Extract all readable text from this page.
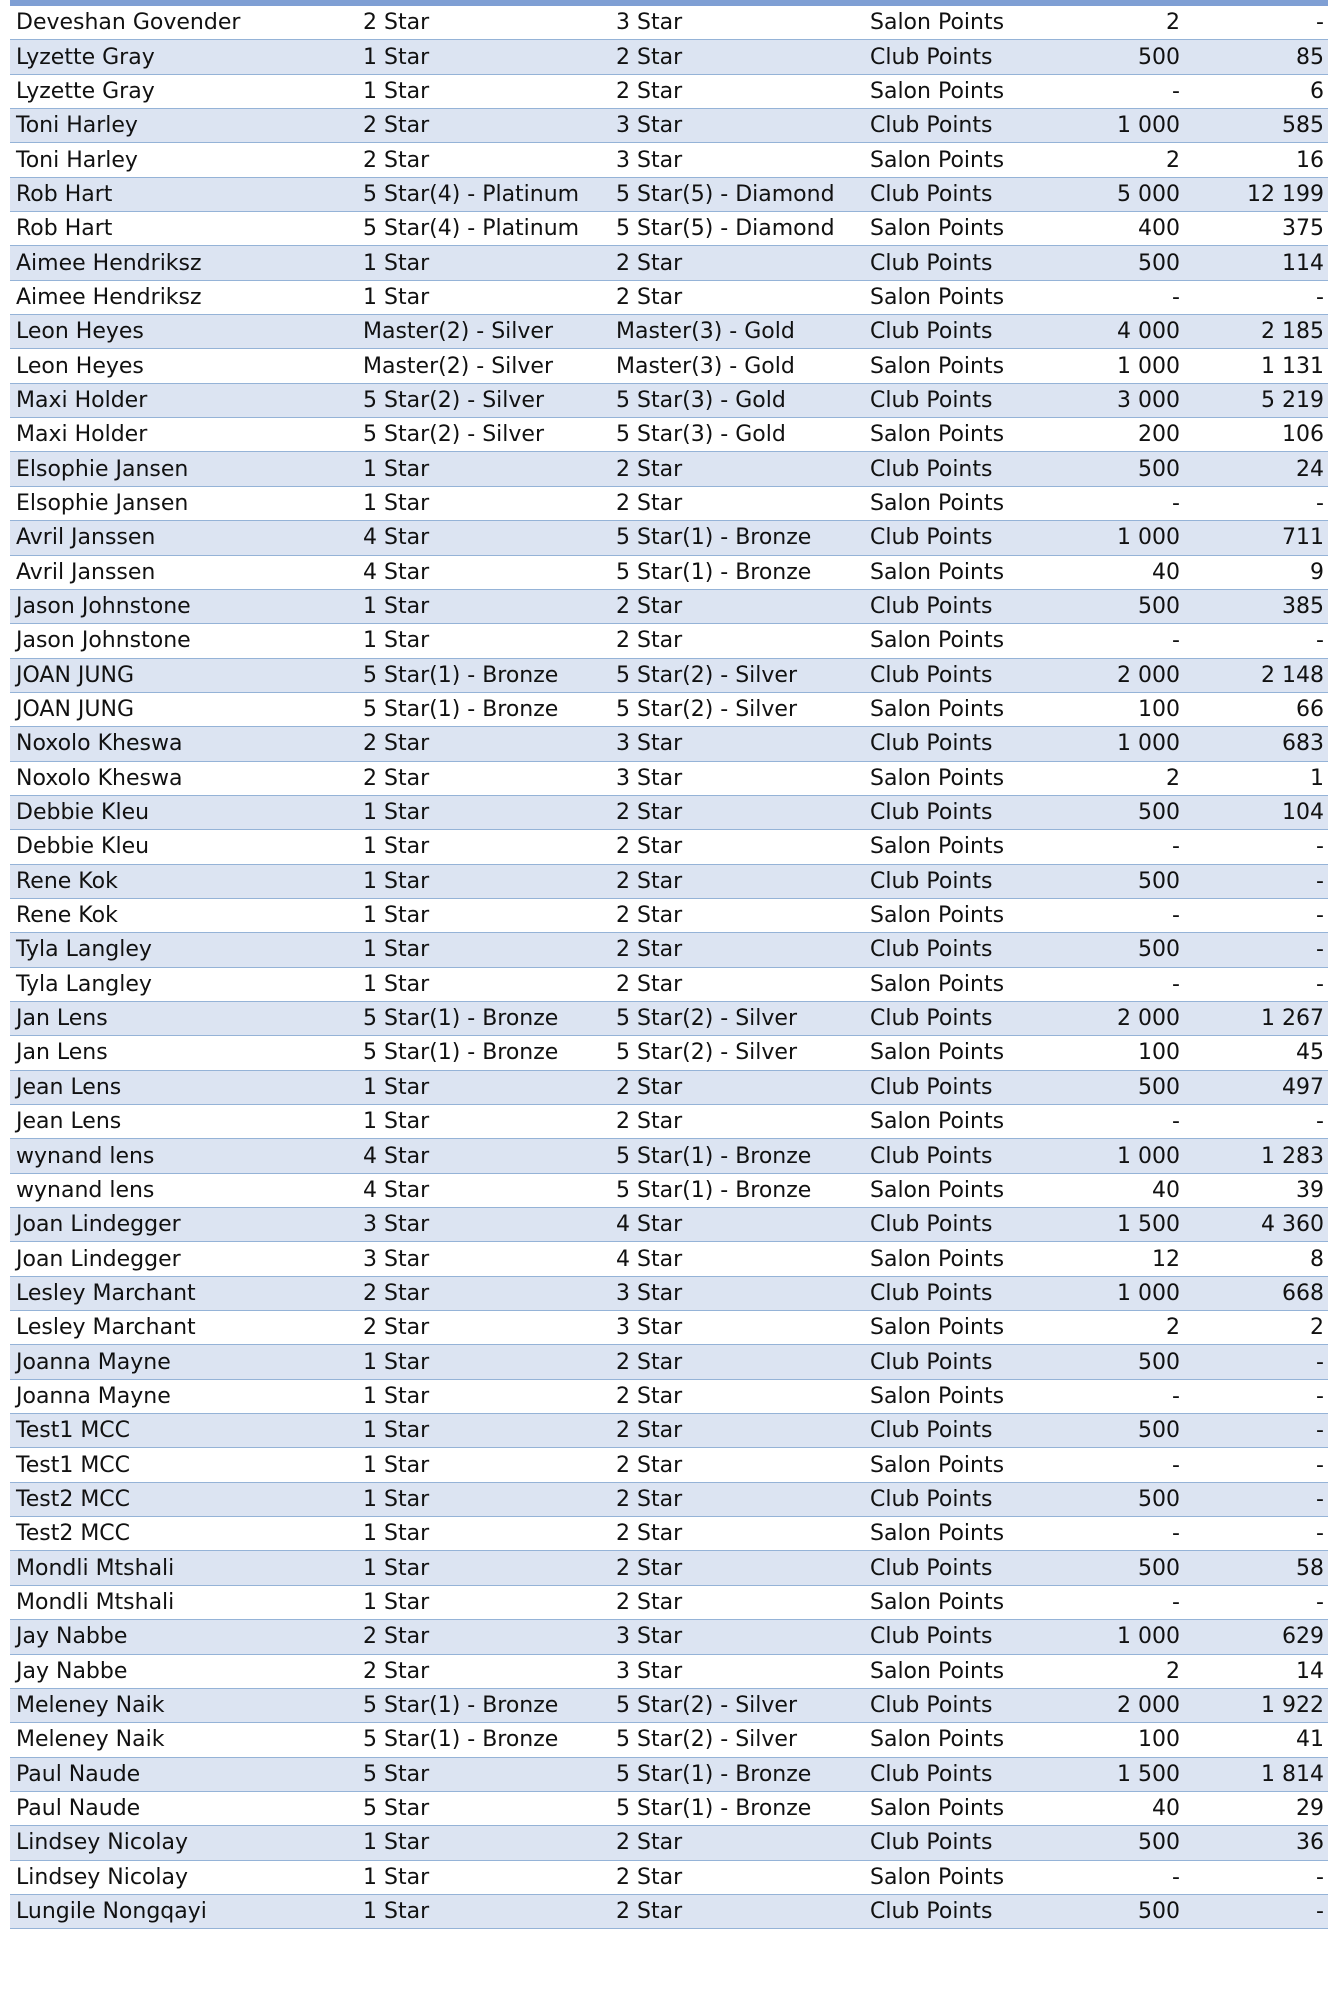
Deveshan Govender	2 Star	3 Star	Salon Points	2	-
Lyzette Gray	1 Star	2 Star	Club Points	500	85
Lyzette Gray	1 Star	2 Star	Salon Points	-	6
Toni Harley	2 Star	3 Star	Club Points	1 000	585
Toni Harley	2 Star	3 Star	Salon Points	2	16
Rob Hart	5 Star(4) - Platinum	5 Star(5) - Diamond	Club Points	5 000	12 199
Rob Hart	5 Star(4) - Platinum	5 Star(5) - Diamond	Salon Points	400	375
Aimee Hendriksz	1 Star	2 Star	Club Points	500	114
Aimee Hendriksz	1 Star	2 Star	Salon Points	-	-
Leon Heyes	Master(2) - Silver	Master(3) - Gold	Club Points	4 000	2 185
Leon Heyes	Master(2) - Silver	Master(3) - Gold	Salon Points	1 000	1 131
Maxi Holder	5 Star(2) - Silver	5 Star(3) - Gold	Club Points	3 000	5 219
Maxi Holder	5 Star(2) - Silver	5 Star(3) - Gold	Salon Points	200	106
Elsophie Jansen	1 Star	2 Star	Club Points	500	24
Elsophie Jansen	1 Star	2 Star	Salon Points	-	-
Avril Janssen	4 Star	5 Star(1) - Bronze	Club Points	1 000	711
Avril Janssen	4 Star	5 Star(1) - Bronze	Salon Points	40	9
Jason Johnstone	1 Star	2 Star	Club Points	500	385
Jason Johnstone	1 Star	2 Star	Salon Points	-	-
JOAN JUNG	5 Star(1) - Bronze	5 Star(2) - Silver	Club Points	2 000	2 148
JOAN JUNG	5 Star(1) - Bronze	5 Star(2) - Silver	Salon Points	100	66
Noxolo Kheswa	2 Star	3 Star	Club Points	1 000	683
Noxolo Kheswa	2 Star	3 Star	Salon Points	2	1
Debbie Kleu	1 Star	2 Star	Club Points	500	104
Debbie Kleu	1 Star	2 Star	Salon Points	-	-
Rene Kok	1 Star	2 Star	Club Points	500	-
Rene Kok	1 Star	2 Star	Salon Points	-	-
Tyla Langley	1 Star	2 Star	Club Points	500	-
Tyla Langley	1 Star	2 Star	Salon Points	-	-
Jan Lens	5 Star(1) - Bronze	5 Star(2) - Silver	Club Points	2 000	1 267
Jan Lens	5 Star(1) - Bronze	5 Star(2) - Silver	Salon Points	100	45
Jean Lens	1 Star	2 Star	Club Points	500	497
Jean Lens	1 Star	2 Star	Salon Points	-	-
wynand lens	4 Star	5 Star(1) - Bronze	Club Points	1 000	1 283
wynand lens	4 Star	5 Star(1) - Bronze	Salon Points	40	39
Joan Lindegger	3 Star	4 Star	Club Points	1 500	4 360
Joan Lindegger	3 Star	4 Star	Salon Points	12	8
Lesley Marchant	2 Star	3 Star	Club Points	1 000	668
Lesley Marchant	2 Star	3 Star	Salon Points	2	2
Joanna Mayne	1 Star	2 Star	Club Points	500	-
Joanna Mayne	1 Star	2 Star	Salon Points	-	-
Test1 MCC	1 Star	2 Star	Club Points	500	-
Test1 MCC	1 Star	2 Star	Salon Points	-	-
Test2 MCC	1 Star	2 Star	Club Points	500	-
Test2 MCC	1 Star	2 Star	Salon Points	-	-
Mondli Mtshali	1 Star	2 Star	Club Points	500	58
Mondli Mtshali	1 Star	2 Star	Salon Points	-	-
Jay Nabbe	2 Star	3 Star	Club Points	1 000	629
Jay Nabbe	2 Star	3 Star	Salon Points	2	14
Meleney Naik	5 Star(1) - Bronze	5 Star(2) - Silver	Club Points	2 000	1 922
Meleney Naik	5 Star(1) - Bronze	5 Star(2) - Silver	Salon Points	100	41
Paul Naude	5 Star	5 Star(1) - Bronze	Club Points	1 500	1 814
Paul Naude	5 Star	5 Star(1) - Bronze	Salon Points	40	29
Lindsey Nicolay	1 Star	2 Star	Club Points	500	36
Lindsey Nicolay	1 Star	2 Star	Salon Points	-	-
Lungile Nongqayi	1 Star	2 Star	Club Points	500	-
